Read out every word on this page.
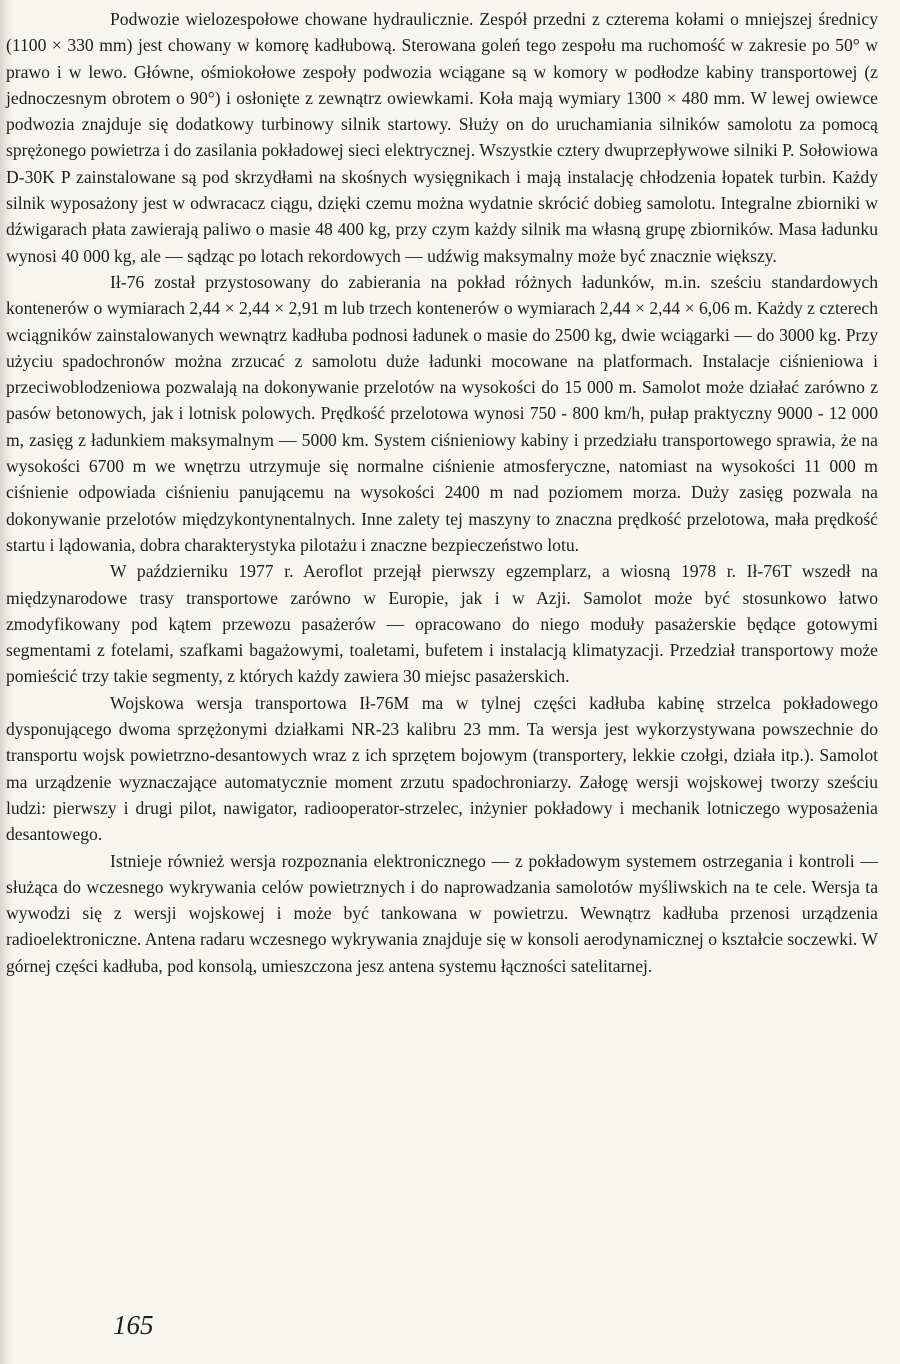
Podwozie wielozespołowe chowane hydraulicznie. Zespół przedni z czterema kołami o mniejszej średnicy (1100 × 330 mm) jest chowany w komorę kadłubową. Sterowana goleń tego zespołu ma ruchomość w zakresie po 50° w prawo i w lewo. Główne, ośmiokołowe zespoły podwozia wciągane są w komory w podłodze kabiny transportowej (z jednoczesnym obrotem o 90°) i osłonięte z zewnątrz owiewkami. Koła mają wymiary 1300 × 480 mm. W lewej owiewce podwozia znajduje się dodatkowy turbinowy silnik startowy. Służy on do uruchamiania silników samolotu za pomocą sprężonego powietrza i do zasilania pokładowej sieci elektrycznej. Wszystkie cztery dwuprzepływowe silniki P. Sołowiowa D-30K P zainstalowane są pod skrzydłami na skośnych wysięgnikach i mają instalację chłodzenia łopatek turbin. Każdy silnik wyposażony jest w odwracacz ciągu, dzięki czemu można wydatnie skrócić dobieg samolotu. Integralne zbiorniki w dźwigarach płata zawierają paliwo o masie 48 400 kg, przy czym każdy silnik ma własną grupę zbiorników. Masa ładunku wynosi 40 000 kg, ale — sądząc po lotach rekordowych — udźwig maksymalny może być znacznie większy.

Ił-76 został przystosowany do zabierania na pokład różnych ładunków, m.in. sześciu standardowych kontenerów o wymiarach 2,44 × 2,44 × 2,91 m lub trzech kontenerów o wymiarach 2,44 × 2,44 × 6,06 m. Każdy z czterech wciągników zainstalowanych wewnątrz kadłuba podnosi ładunek o masie do 2500 kg, dwie wciągarki — do 3000 kg. Przy użyciu spadochronów można zrzucać z samolotu duże ładunki mocowane na platformach. Instalacje ciśnieniowa i przeciwoblodzeniowa pozwalają na dokonywanie przelotów na wysokości do 15 000 m. Samolot może działać zarówno z pasów betonowych, jak i lotnisk polowych. Prędkość przelotowa wynosi 750 - 800 km/h, pułap praktyczny 9000 - 12 000 m, zasięg z ładunkiem maksymalnym — 5000 km. System ciśnieniowy kabiny i przedziału transportowego sprawia, że na wysokości 6700 m we wnętrzu utrzymuje się normalne ciśnienie atmosferyczne, natomiast na wysokości 11 000 m ciśnienie odpowiada ciśnieniu panującemu na wysokości 2400 m nad poziomem morza. Duży zasięg pozwala na dokonywanie przelotów międzykontynentalnych. Inne zalety tej maszyny to znaczna prędkość przelotowa, mała prędkość startu i lądowania, dobra charakterystyka pilotażu i znaczne bezpieczeństwo lotu.

W październiku 1977 r. Aeroflot przejął pierwszy egzemplarz, a wiosną 1978 r. Ił-76T wszedł na międzynarodowe trasy transportowe zarówno w Europie, jak i w Azji. Samolot może być stosunkowo łatwo zmodyfikowany pod kątem przewozu pasażerów — opracowano do niego moduły pasażerskie będące gotowymi segmentami z fotelami, szafkami bagażowymi, toaletami, bufetem i instalacją klimatyzacji. Przedział transportowy może pomieścić trzy takie segmenty, z których każdy zawiera 30 miejsc pasażerskich.

Wojskowa wersja transportowa Ił-76M ma w tylnej części kadłuba kabinę strzelca pokładowego dysponującego dwoma sprzężonymi działkami NR-23 kalibru 23 mm. Ta wersja jest wykorzystywana powszechnie do transportu wojsk powietrzno-desantowych wraz z ich sprzętem bojowym (transportery, lekkie czołgi, działa itp.). Samolot ma urządzenie wyznaczające automatycznie moment zrzutu spadochroniarzy. Załogę wersji wojskowej tworzy sześciu ludzi: pierwszy i drugi pilot, nawigator, radiooperator-strzelec, inżynier pokładowy i mechanik lotniczego wyposażenia desantowego.

Istnieje również wersja rozpoznania elektronicznego — z pokładowym systemem ostrzegania i kontroli — służąca do wczesnego wykrywania celów powietrznych i do naprowadzania samolotów myśliwskich na te cele. Wersja ta wywodzi się z wersji wojskowej i może być tankowana w powietrzu. Wewnątrz kadłuba przenosi urządzenia radioelektroniczne. Antena radaru wczesnego wykrywania znajduje się w konsoli aerodynamicznej o kształcie soczewki. W górnej części kadłuba, pod konsolą, umieszczona jesz antena systemu łączności satelitarnej.

165
